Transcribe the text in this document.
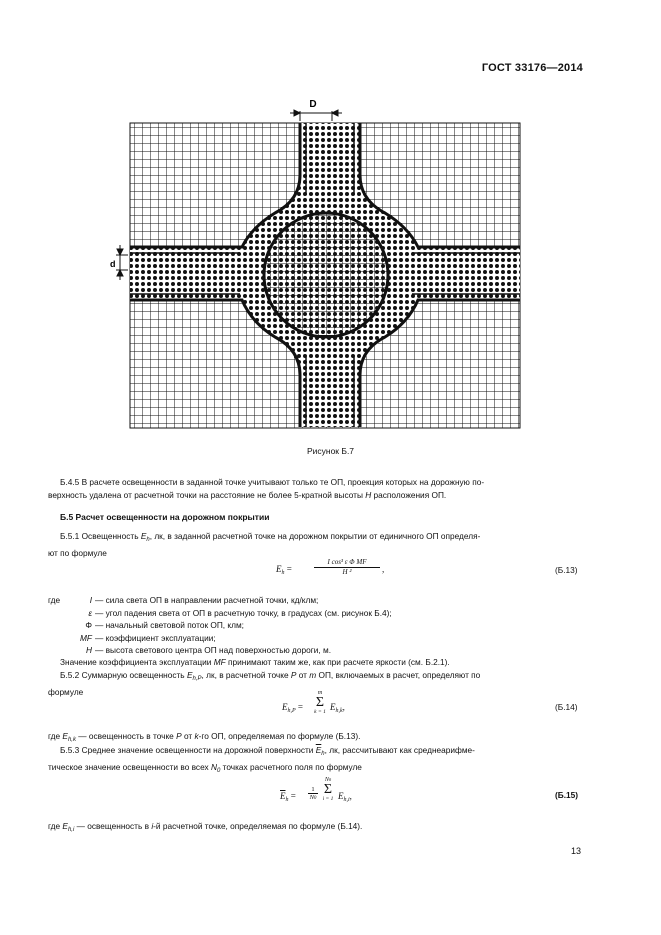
ГОСТ 33176—2014
D
d
Рисунок Б.7
Б.4.5 В расчете освещенности в заданной точке учитывают только те ОП, проекция которых на дорожную по-
верхность удалена от расчетной точки на расстояние не более 5-кратной высоты H расположения ОП.
Б.5 Расчет освещенности на дорожном покрытии
Б.5.1 Освещенность $E_h$, лк, в заданной расчетной точке на дорожном покрытии от единичного ОП определя-
ют по формуле
$E_h$ =
I cos³ ε Φ MF
H ²	,	(Б.13)
где	I — сила света ОП в направлении расчетной точки, кд/клм;
ε — угол падения света от ОП в расчетную точку, в градусах (см. рисунок Б.4);
Φ — начальный световой поток ОП, клм;
MF — коэффициент эксплуатации;
H — высота светового центра ОП над поверхностью дороги, м.
Значение коэффициента эксплуатации MF принимают таким же, как при расчете яркости (см. Б.2.1).
Б.5.2 Суммарную освещенность $E_{h,P}$, лк, в расчетной точке P от m ОП, включаемых в расчет, определяют по
формуле
$E_{h,P}$ =
m
Σ
k = 1 $E_{h,k}$,	(Б.14)
где $E_{h,k}$ — освещенность в точке P от k-го ОП, определяемая по формуле (Б.13).
Б.5.3 Среднее значение освещенности на дорожной поверхности $\overline{E}_h$, лк, рассчитывают как среднеарифме-
тическое значение освещенности во всех $N_0$ точках расчетного поля по формуле
$\overline{E}_h$ =
1
N0
N0
Σ
i = 1 $E_{h,i}$,	(Б.15)
где $E_{h,i}$ — освещенность в i-й расчетной точке, определяемая по формуле (Б.14).
13
